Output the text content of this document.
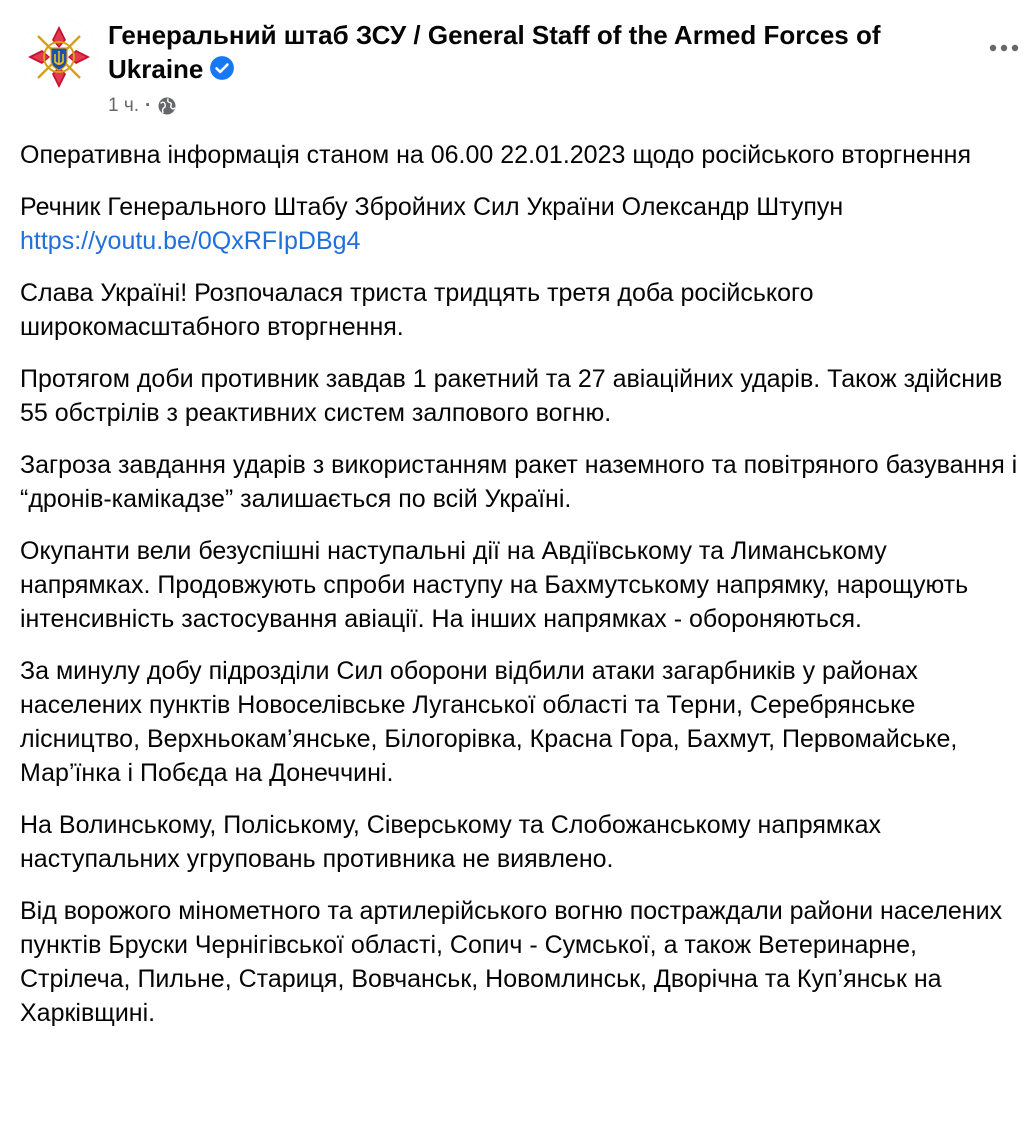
Генеральний штаб ЗСУ / General Staff of the Armed Forces of Ukraine
1 ч. ·

Оперативна інформація станом на 06.00 22.01.2023 щодо російського вторгнення

Речник Генерального Штабу Збройних Сил України Олександр Штупун
https://youtu.be/0QxRFIpDBg4

Слава Україні! Розпочалася триста тридцять третя доба російського широкомасштабного вторгнення.

Протягом доби противник завдав 1 ракетний та 27 авіаційних ударів. Також здійснив 55 обстрілів з реактивних систем залпового вогню.

Загроза завдання ударів з використанням ракет наземного та повітряного базування і “дронів-камікадзе” залишається по всій Україні.

Окупанти вели безуспішні наступальні дії на Авдіївському та Лиманському напрямках. Продовжують спроби наступу на Бахмутському напрямку, нарощують інтенсивність застосування авіації. На інших напрямках - обороняються.

За минулу добу підрозділи Сил оборони відбили атаки загарбників у районах населених пунктів Новоселівське Луганської області та Терни, Серебрянське лісництво, Верхньокам’янське, Білогорівка, Красна Гора, Бахмут, Первомайське, Мар’їнка і Побєда на Донеччині.

На Волинському, Поліському, Сіверському та Слобожанському напрямках наступальних угруповань противника не виявлено.

Від ворожого мінометного та артилерійського вогню постраждали райони населених пунктів Бруски Чернігівської області, Сопич - Сумської, а також Ветеринарне, Стрілеча, Пильне, Стариця, Вовчанськ, Новомлинськ, Дворічна та Куп’янськ на Харківщині.
